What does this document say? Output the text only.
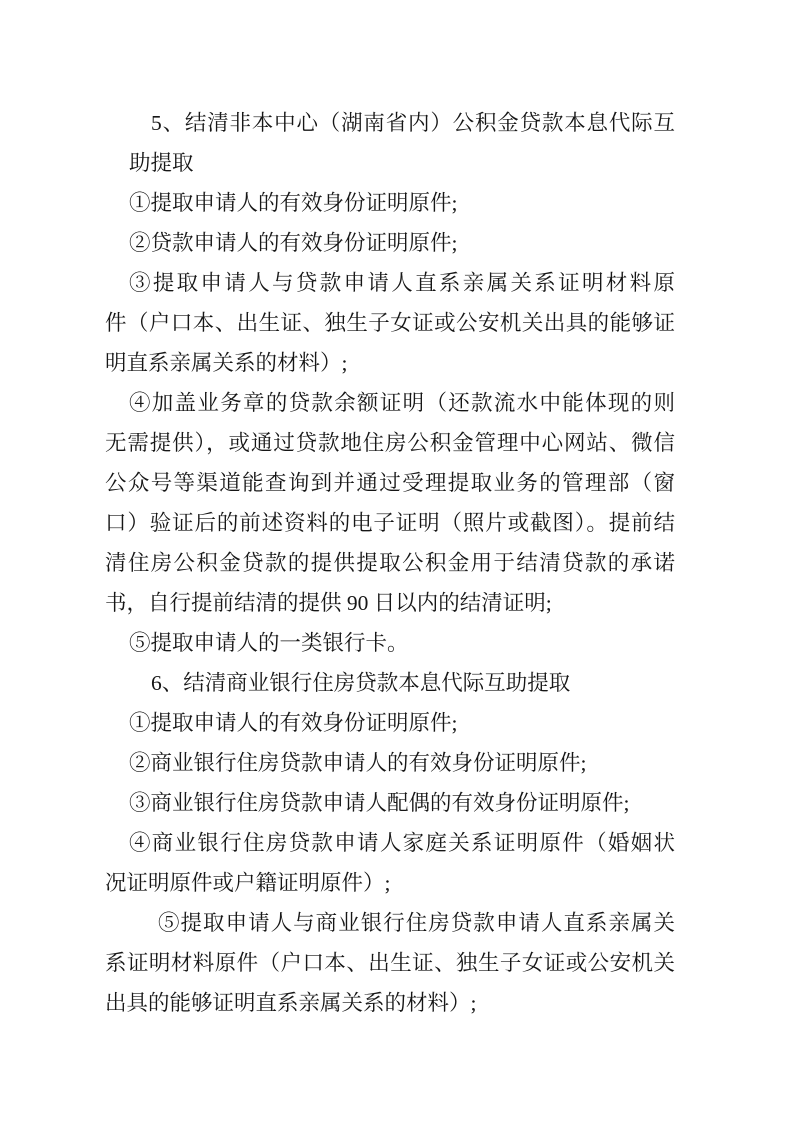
5、结清非本中心（湖南省内）公积金贷款本息代际互
助提取
①提取申请人的有效身份证明原件;
②贷款申请人的有效身份证明原件;
③提取申请人与贷款申请人直系亲属关系证明材料原
件（户口本、出生证、独生子女证或公安机关出具的能够证
明直系亲属关系的材料）;
④加盖业务章的贷款余额证明（还款流水中能体现的则
无需提供），或通过贷款地住房公积金管理中心网站、微信
公众号等渠道能查询到并通过受理提取业务的管理部（窗
口）验证后的前述资料的电子证明（照片或截图）。提前结
清住房公积金贷款的提供提取公积金用于结清贷款的承诺
书，自行提前结清的提供 90 日以内的结清证明;
⑤提取申请人的一类银行卡。
6、结清商业银行住房贷款本息代际互助提取
①提取申请人的有效身份证明原件;
②商业银行住房贷款申请人的有效身份证明原件;
③商业银行住房贷款申请人配偶的有效身份证明原件;
④商业银行住房贷款申请人家庭关系证明原件（婚姻状
况证明原件或户籍证明原件）;
⑤提取申请人与商业银行住房贷款申请人直系亲属关
系证明材料原件（户口本、出生证、独生子女证或公安机关
出具的能够证明直系亲属关系的材料）;
